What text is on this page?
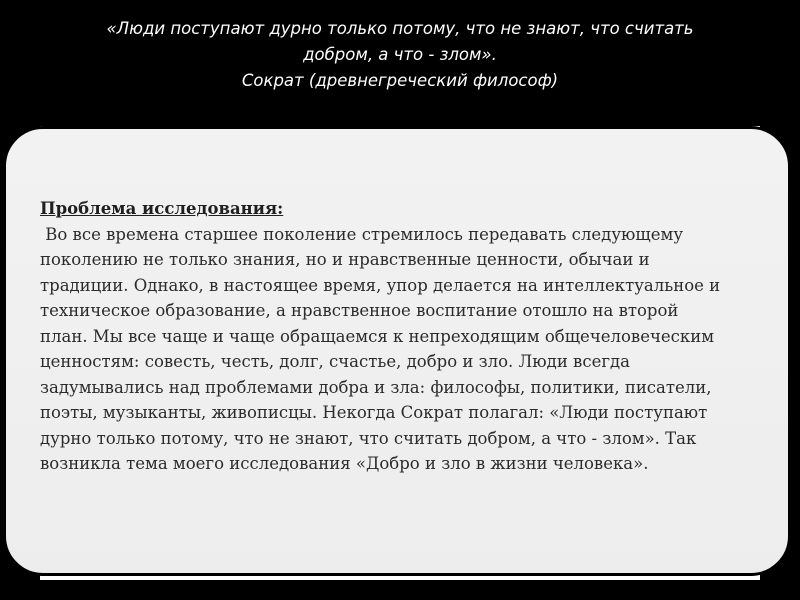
«Люди поступают дурно только потому, что не знают, что считать
добром, а что - злом».
Сократ (древнегреческий философ)
Проблема исследования:
Во все времена старшее поколение стремилось передавать следующему
поколению не только знания, но и нравственные ценности, обычаи и
традиции. Однако, в настоящее время, упор делается на интеллектуальное и
техническое образование, а нравственное воспитание отошло на второй
план. Мы все чаще и чаще обращаемся к непреходящим общечеловеческим
ценностям: совесть, честь, долг, счастье, добро и зло. Люди всегда
задумывались над проблемами добра и зла: философы, политики, писатели,
поэты, музыканты, живописцы. Некогда Сократ полагал: «Люди поступают
дурно только потому, что не знают, что считать добром, а что - злом». Так
возникла тема моего исследования «Добро и зло в жизни человека».
